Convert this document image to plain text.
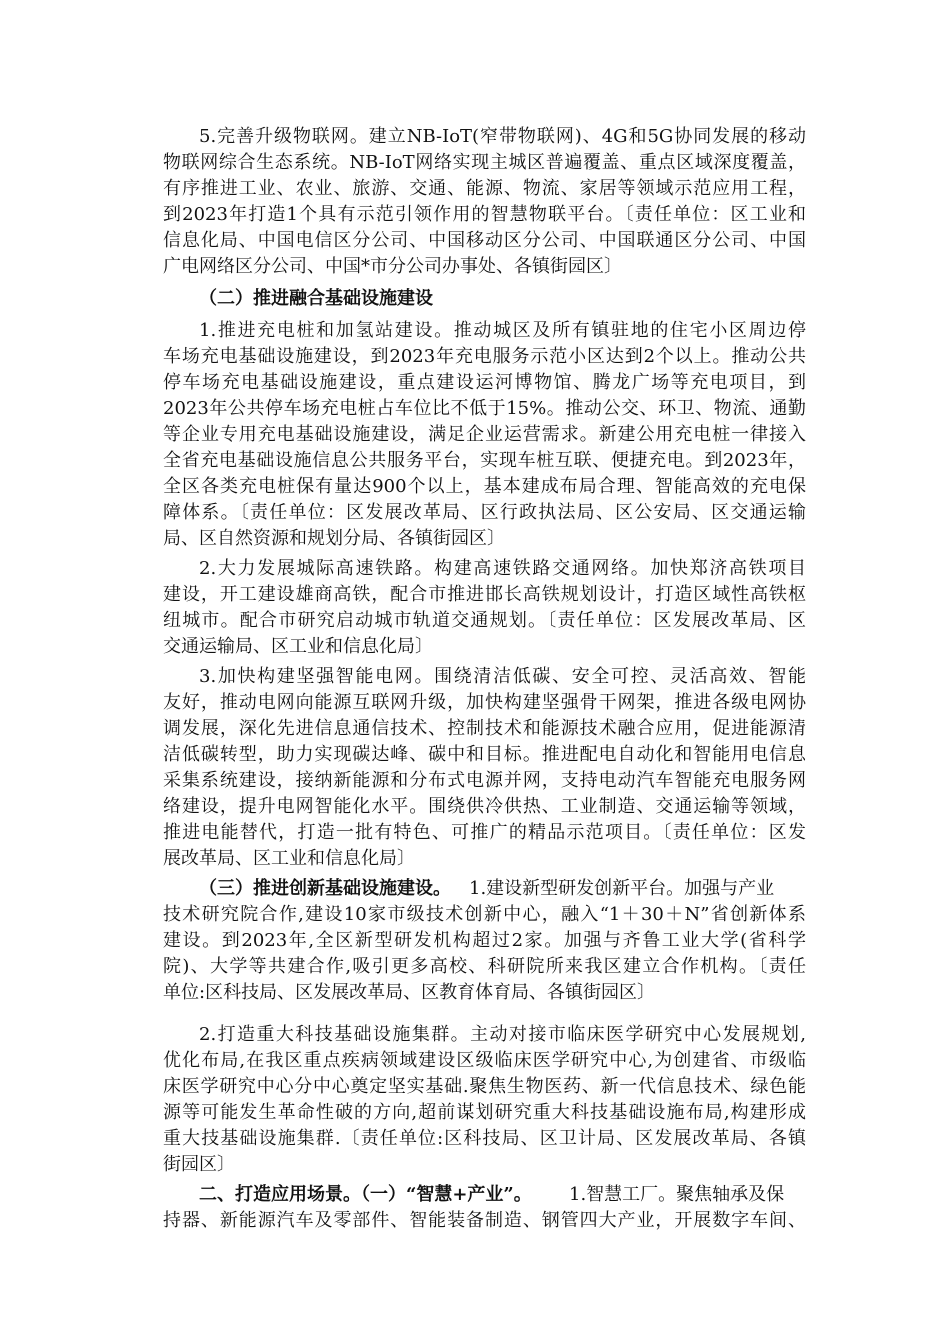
5.完善升级物联网。建立NB-IoT(窄带物联网)、4G和5G协同发展的移动
物联网综合生态系统。NB-IoT网络实现主城区普遍覆盖、重点区域深度覆盖，
有序推进工业、农业、旅游、交通、能源、物流、家居等领域示范应用工程，
到2023年打造1个具有示范引领作用的智慧物联平台。〔责任单位：区工业和
信息化局、中国电信区分公司、中国移动区分公司、中国联通区分公司、中国
广电网络区分公司、中国*市分公司办事处、各镇街园区〕
（二）推进融合基础设施建设
1.推进充电桩和加氢站建设。推动城区及所有镇驻地的住宅小区周边停
车场充电基础设施建设，到2023年充电服务示范小区达到2个以上。推动公共
停车场充电基础设施建设，重点建设运河博物馆、腾龙广场等充电项目，到
2023年公共停车场充电桩占车位比不低于15%。推动公交、环卫、物流、通勤
等企业专用充电基础设施建设，满足企业运营需求。新建公用充电桩一律接入
全省充电基础设施信息公共服务平台，实现车桩互联、便捷充电。到2023年，
全区各类充电桩保有量达900个以上，基本建成布局合理、智能高效的充电保
障体系。〔责任单位：区发展改革局、区行政执法局、区公安局、区交通运输
局、区自然资源和规划分局、各镇街园区〕
2.大力发展城际高速铁路。构建高速铁路交通网络。加快郑济高铁项目
建设，开工建设雄商高铁，配合市推进邯长高铁规划设计，打造区域性高铁枢
纽城市。配合市研究启动城市轨道交通规划。〔责任单位：区发展改革局、区
交通运输局、区工业和信息化局〕
3.加快构建坚强智能电网。围绕清洁低碳、安全可控、灵活高效、智能
友好，推动电网向能源互联网升级，加快构建坚强骨干网架，推进各级电网协
调发展，深化先进信息通信技术、控制技术和能源技术融合应用，促进能源清
洁低碳转型，助力实现碳达峰、碳中和目标。推进配电自动化和智能用电信息
采集系统建设，接纳新能源和分布式电源并网，支持电动汽车智能充电服务网
络建设，提升电网智能化水平。围绕供冷供热、工业制造、交通运输等领域，
推进电能替代，打造一批有特色、可推广的精品示范项目。〔责任单位：区发
展改革局、区工业和信息化局〕
（三）推进创新基础设施建设。 1.建设新型研发创新平台。加强与产业
技术研究院合作,建设10家市级技术创新中心，融入“1＋30＋N”省创新体系
建设。到2023年,全区新型研发机构超过2家。加强与齐鲁工业大学(省科学
院)、大学等共建合作,吸引更多高校、科研院所来我区建立合作机构。〔责任
单位:区科技局、区发展改革局、区教育体育局、各镇街园区〕
2.打造重大科技基础设施集群。主动对接市临床医学研究中心发展规划,
优化布局,在我区重点疾病领域建设区级临床医学研究中心,为创建省、市级临
床医学研究中心分中心奠定坚实基础.聚焦生物医药、新一代信息技术、绿色能
源等可能发生革命性破的方向,超前谋划研究重大科技基础设施布局,构建形成
重大技基础设施集群.〔责任单位:区科技局、区卫计局、区发展改革局、各镇
街园区〕
二、打造应用场景。（一）“智慧+产业”。 1.智慧工厂。聚焦轴承及保
持器、新能源汽车及零部件、智能装备制造、钢管四大产业，开展数字车间、
